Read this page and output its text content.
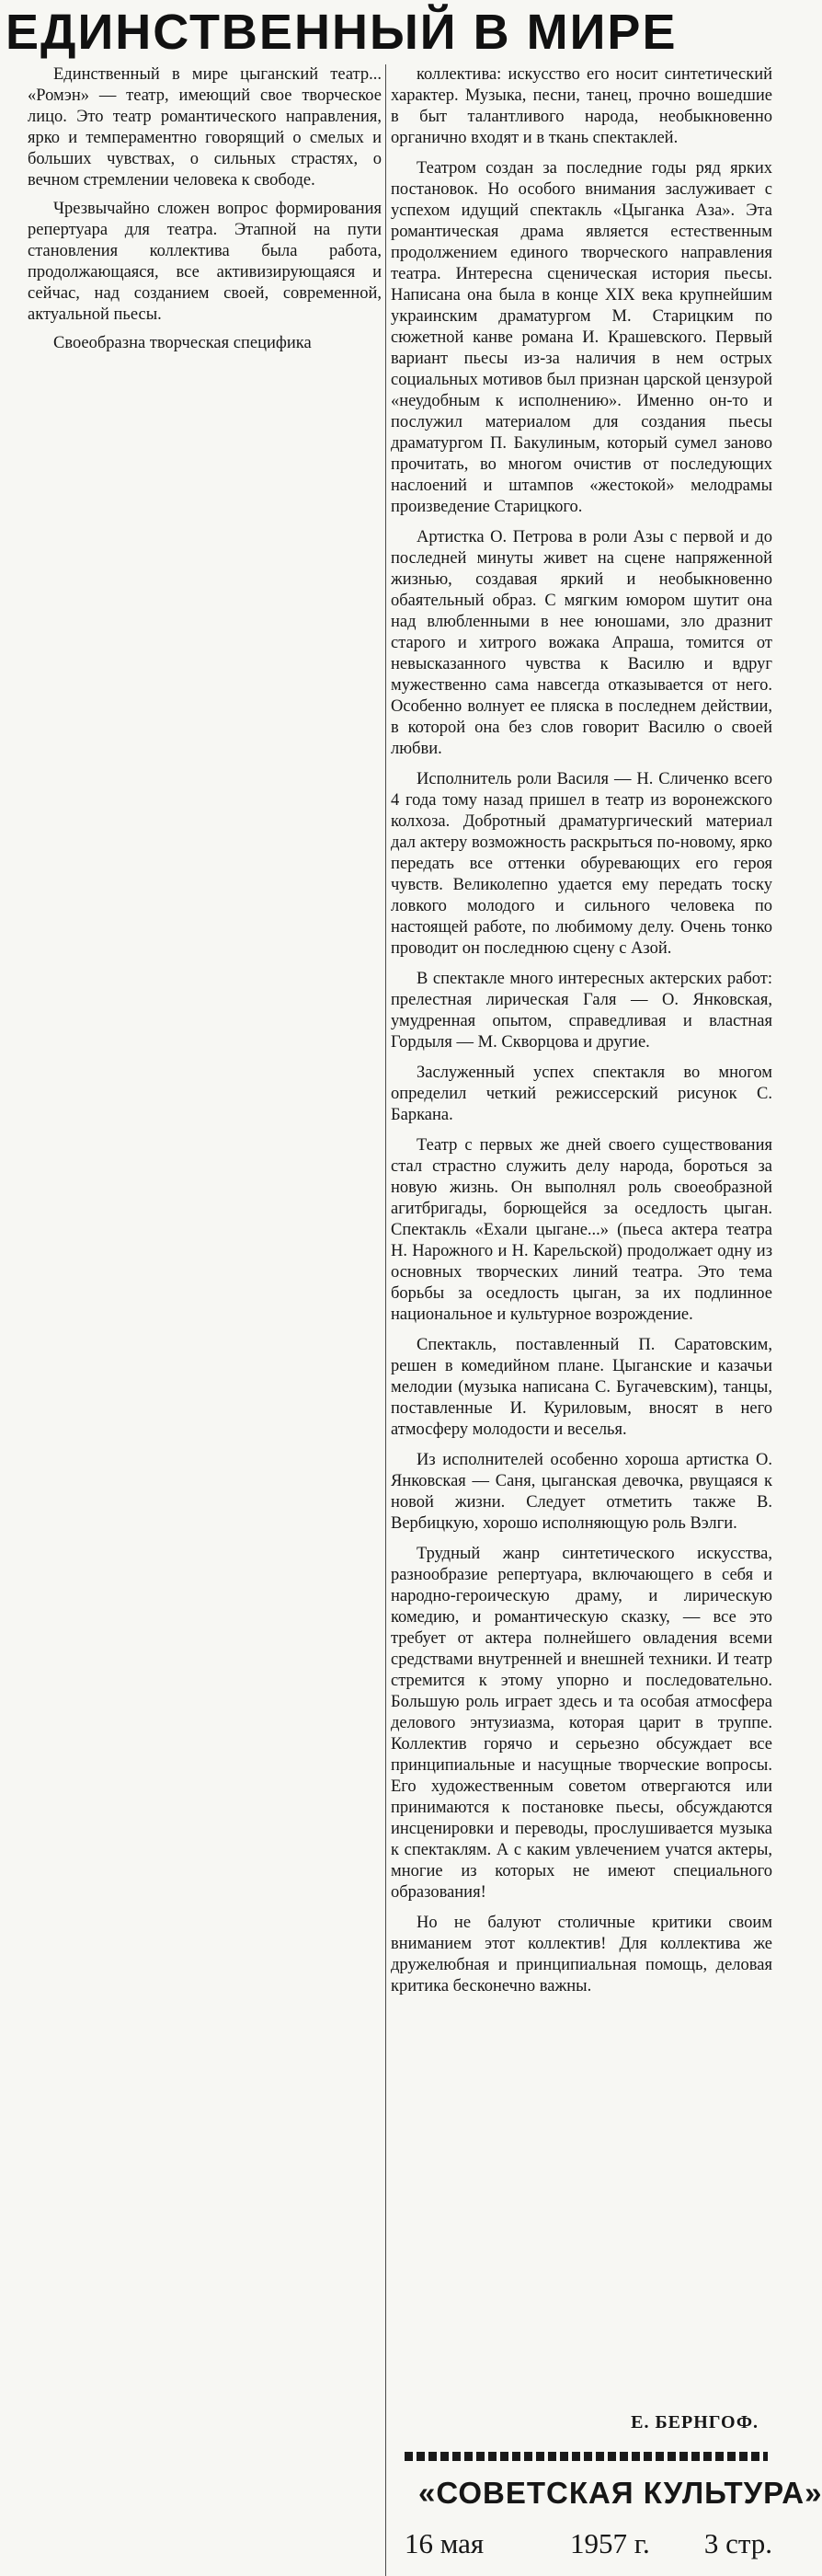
ЕДИНСТВЕННЫЙ В МИРЕ

Единственный в мире цыганский театр... «Ромэн» — театр, имеющий свое творческое лицо. Это театр романтического направления, ярко и темпераментно говорящий о смелых и больших чувствах, о сильных страстях, о вечном стремлении человека к свободе.

Чрезвычайно сложен вопрос формирования репертуара для театра. Этапной на пути становления коллектива была работа, продолжающаяся, все активизирующаяся и сейчас, над созданием своей, современной, актуальной пьесы.

Своеобразна творческая специфика

коллектива: искусство его носит синтетический характер. Музыка, песни, танец, прочно вошедшие в быт талантливого народа, необыкновенно органично входят и в ткань спектаклей.

Театром создан за последние годы ряд ярких постановок. Но особого внимания заслуживает с успехом идущий спектакль «Цыганка Аза». Эта романтическая драма является естественным продолжением единого творческого направления театра. Интересна сценическая история пьесы. Написана она была в конце XIX века крупнейшим украинским драматургом М. Старицким по сюжетной канве романа И. Крашевского. Первый вариант пьесы из-за наличия в нем острых социальных мотивов был признан царской цензурой «неудобным к исполнению». Именно он-то и послужил материалом для создания пьесы драматургом П. Бакулиным, который сумел заново прочитать, во многом очистив от последующих наслоений и штампов «жестокой» мелодрамы произведение Старицкого.

Артистка О. Петрова в роли Азы с первой и до последней минуты живет на сцене напряженной жизнью, создавая яркий и необыкновенно обаятельный образ. С мягким юмором шутит она над влюбленными в нее юношами, зло дразнит старого и хитрого вожака Апраша, томится от невысказанного чувства к Василю и вдруг мужественно сама навсегда отказывается от него. Особенно волнует ее пляска в последнем действии, в которой она без слов говорит Василю о своей любви.

Исполнитель роли Василя — Н. Сличенко всего 4 года тому назад пришел в театр из воронежского колхоза. Добротный драматургический материал дал актеру возможность раскрыться по-новому, ярко передать все оттенки обуревающих его героя чувств. Великолепно удается ему передать тоску ловкого молодого и сильного человека по настоящей работе, по любимому делу. Очень тонко проводит он последнюю сцену с Азой.

В спектакле много интересных актерских работ: прелестная лирическая Галя — О. Янковская, умудренная опытом, справедливая и властная Гордыля — М. Скворцова и другие.

Заслуженный успех спектакля во многом определил четкий режиссерский рисунок С. Баркана.

Театр с первых же дней своего существования стал страстно служить делу народа, бороться за новую жизнь. Он выполнял роль своеобразной агитбригады, борющейся за оседлость цыган. Спектакль «Ехали цыгане...» (пьеса актера театра Н. Нарожного и Н. Карельской) продолжает одну из основных творческих линий театра. Это тема борьбы за оседлость цыган, за их подлинное национальное и культурное возрождение.

Спектакль, поставленный П. Саратовским, решен в комедийном плане. Цыганские и казачьи мелодии (музыка написана С. Бугачевским), танцы, поставленные И. Куриловым, вносят в него атмосферу молодости и веселья.

Из исполнителей особенно хороша артистка О. Янковская — Саня, цыганская девочка, рвущаяся к новой жизни. Следует отметить также В. Вербицкую, хорошо исполняющую роль Вэлги.

Трудный жанр синтетического искусства, разнообразие репертуара, включающего в себя и народно-героическую драму, и лирическую комедию, и романтическую сказку, — все это требует от актера полнейшего овладения всеми средствами внутренней и внешней техники. И театр стремится к этому упорно и последовательно. Большую роль играет здесь и та особая атмосфера делового энтузиазма, которая царит в труппе. Коллектив горячо и серьезно обсуждает все принципиальные и насущные творческие вопросы. Его художественным советом отвергаются или принимаются к постановке пьесы, обсуждаются инсценировки и переводы, прослушивается музыка к спектаклям. А с каким увлечением учатся актеры, многие из которых не имеют специального образования!

Но не балуют столичные критики своим вниманием этот коллектив! Для коллектива же дружелюбная и принципиальная помощь, деловая критика бесконечно важны.

Е. БЕРНГОФ.
«СОВЕТСКАЯ КУЛЬТУРА»
16 мая	1957 г. 3 стр.
